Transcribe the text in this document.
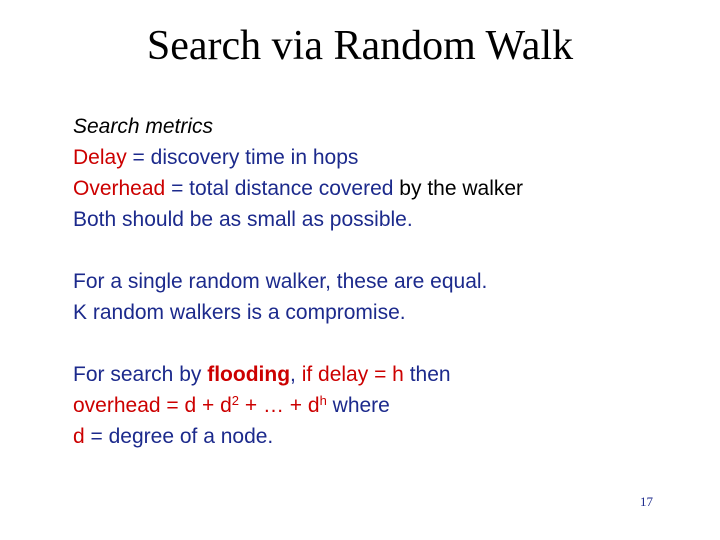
Search via Random Walk
Search metrics
Delay = discovery time in hops
Overhead = total distance covered by the walker
Both should be as small as possible.
For a single random walker, these are equal.
K random walkers is a compromise.
For search by flooding, if delay = h then
overhead = $d + d^2$ + … + $d^h$ where
d = degree of a node.
17
